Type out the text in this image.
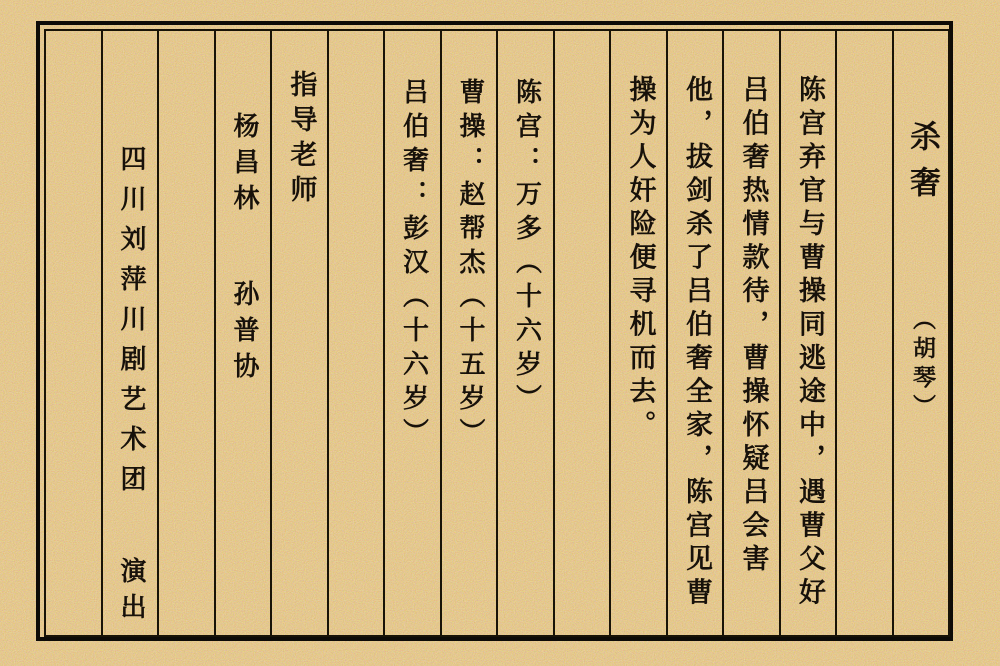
四川刘萍川剧艺术团演出
杨昌林孙普协
指导老师	吕伯奢：彭汉（十六岁）	曹操：赵帮杰（十五岁）	陈宫：万多（十六岁）	操为人奸险便寻机而去。 他，拔剑杀了吕伯奢全家，陈宫见曹 吕伯奢热情款待，曹操怀疑吕会害 陈宫弃官与曹操同逃途中，遇曹父好	杀奢（胡琴）
